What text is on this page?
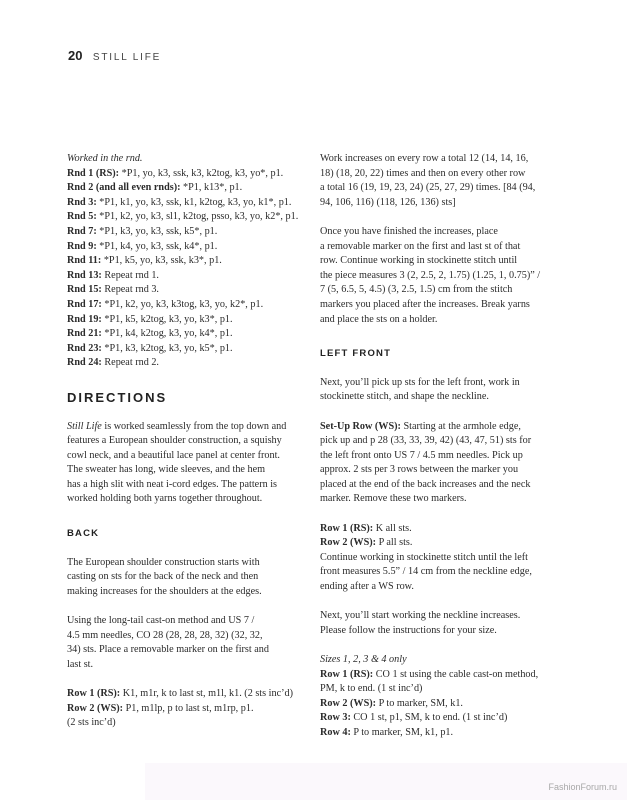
20 STILL LIFE
Worked in the rnd.
Rnd 1 (RS): *P1, yo, k3, ssk, k3, k2tog, k3, yo*, p1.
Rnd 2 (and all even rnds): *P1, k13*, p1.
Rnd 3: *P1, k1, yo, k3, ssk, k1, k2tog, k3, yo, k1*, p1.
Rnd 5: *P1, k2, yo, k3, sl1, k2tog, psso, k3, yo, k2*, p1.
Rnd 7: *P1, k3, yo, k3, ssk, k5*, p1.
Rnd 9: *P1, k4, yo, k3, ssk, k4*, p1.
Rnd 11: *P1, k5, yo, k3, ssk, k3*, p1.
Rnd 13: Repeat rnd 1.
Rnd 15: Repeat rnd 3.
Rnd 17: *P1, k2, yo, k3, k3tog, k3, yo, k2*, p1.
Rnd 19: *P1, k5, k2tog, k3, yo, k3*, p1.
Rnd 21: *P1, k4, k2tog, k3, yo, k4*, p1.
Rnd 23: *P1, k3, k2tog, k3, yo, k5*, p1.
Rnd 24: Repeat rnd 2.
DIRECTIONS
Still Life is worked seamlessly from the top down and
features a European shoulder construction, a squishy
cowl neck, and a beautiful lace panel at center front.
The sweater has long, wide sleeves, and the hem
has a high slit with neat i-cord edges. The pattern is
worked holding both yarns together throughout.
BACK
The European shoulder construction starts with
casting on sts for the back of the neck and then
making increases for the shoulders at the edges.
Using the long-tail cast-on method and US 7 /
4.5 mm needles, CO 28 (28, 28, 28, 32) (32, 32,
34) sts. Place a removable marker on the first and
last st.
Row 1 (RS): K1, m1r, k to last st, m1l, k1. (2 sts inc’d)
Row 2 (WS): P1, m1lp, p to last st, m1rp, p1.
(2 sts inc’d)
Work increases on every row a total 12 (14, 14, 16,
18) (18, 20, 22) times and then on every other row
a total 16 (19, 19, 23, 24) (25, 27, 29) times. [84 (94,
94, 106, 116) (118, 126, 136) sts]
Once you have finished the increases, place
a removable marker on the first and last st of that
row. Continue working in stockinette stitch until
the piece measures 3 (2, 2.5, 2, 1.75) (1.25, 1, 0.75)” /
7 (5, 6.5, 5, 4.5) (3, 2.5, 1.5) cm from the stitch
markers you placed after the increases. Break yarns
and place the sts on a holder.
LEFT FRONT
Next, you’ll pick up sts for the left front, work in
stockinette stitch, and shape the neckline.
Set-Up Row (WS): Starting at the armhole edge,
pick up and p 28 (33, 33, 39, 42) (43, 47, 51) sts for
the left front onto US 7 / 4.5 mm needles. Pick up
approx. 2 sts per 3 rows between the marker you
placed at the end of the back increases and the neck
marker. Remove these two markers.
Row 1 (RS): K all sts.
Row 2 (WS): P all sts.
Continue working in stockinette stitch until the left
front measures 5.5” / 14 cm from the neckline edge,
ending after a WS row.
Next, you’ll start working the neckline increases.
Please follow the instructions for your size.
Sizes 1, 2, 3 & 4 only
Row 1 (RS): CO 1 st using the cable cast-on method,
PM, k to end. (1 st inc’d)
Row 2 (WS): P to marker, SM, k1.
Row 3: CO 1 st, p1, SM, k to end. (1 st inc’d)
Row 4: P to marker, SM, k1, p1.
FashionForum.ru
